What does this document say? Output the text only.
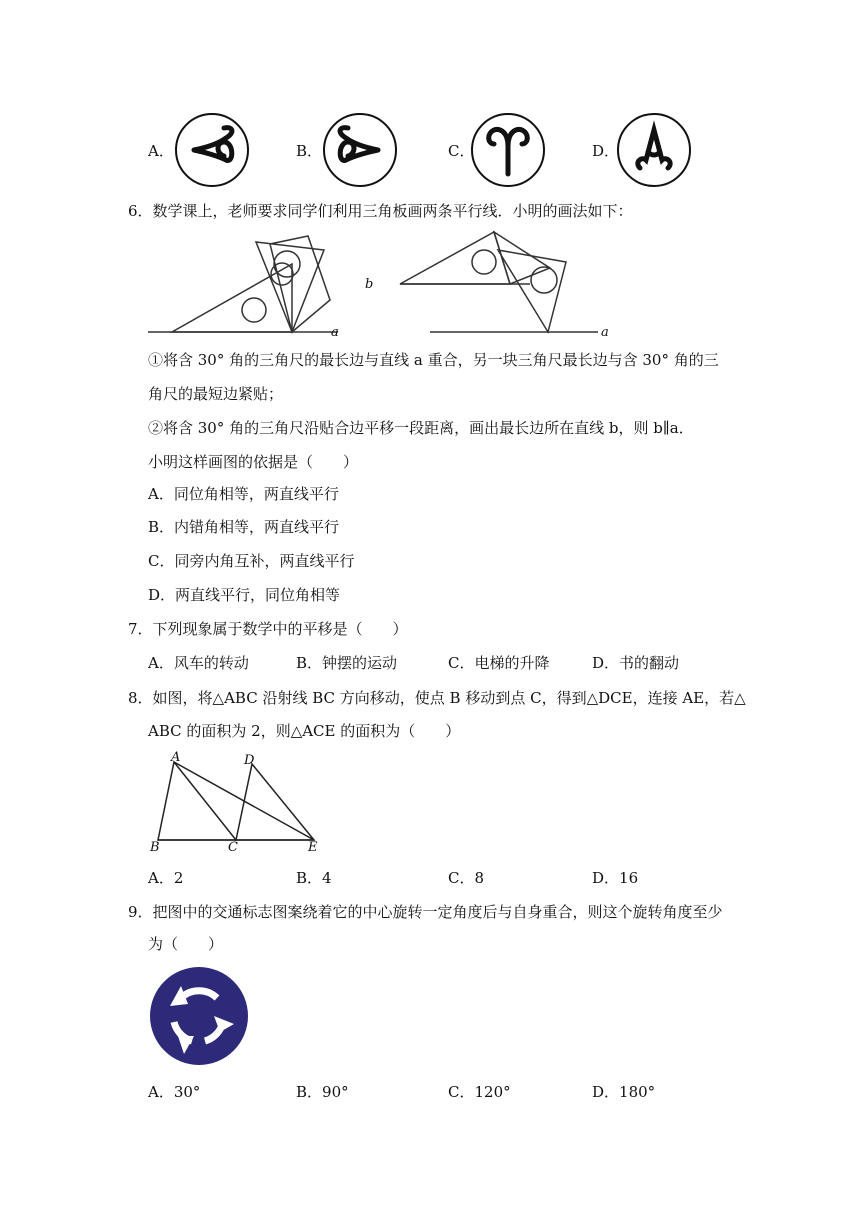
A．	B．	C．	D．
6．数学课上，老师要求同学们利用三角板画两条平行线．小明的画法如下：
a
b
a
①将含 30° 角的三角尺的最长边与直线 a 重合，另一块三角尺最长边与含 30° 角的三
角尺的最短边紧贴；
②将含 30° 角的三角尺沿贴合边平移一段距离，画出最长边所在直线 b，则 b∥a．
小明这样画图的依据是（　　）
A．同位角相等，两直线平行
B．内错角相等，两直线平行
C．同旁内角互补，两直线平行
D．两直线平行，同位角相等
7．下列现象属于数学中的平移是（　　）
A．风车的转动	B．钟摆的运动	C．电梯的升降	D．书的翻动
8．如图，将△ABC 沿射线 BC 方向移动，使点 B 移动到点 C，得到△DCE，连接 AE，若△
ABC 的面积为 2，则△ACE 的面积为（　　）
A
B	C
D
E
A．2	B．4	C．8	D．16
9．把图中的交通标志图案绕着它的中心旋转一定角度后与自身重合，则这个旋转角度至少
为（　　）
A．30°	B．90°	C．120°	D．180°
